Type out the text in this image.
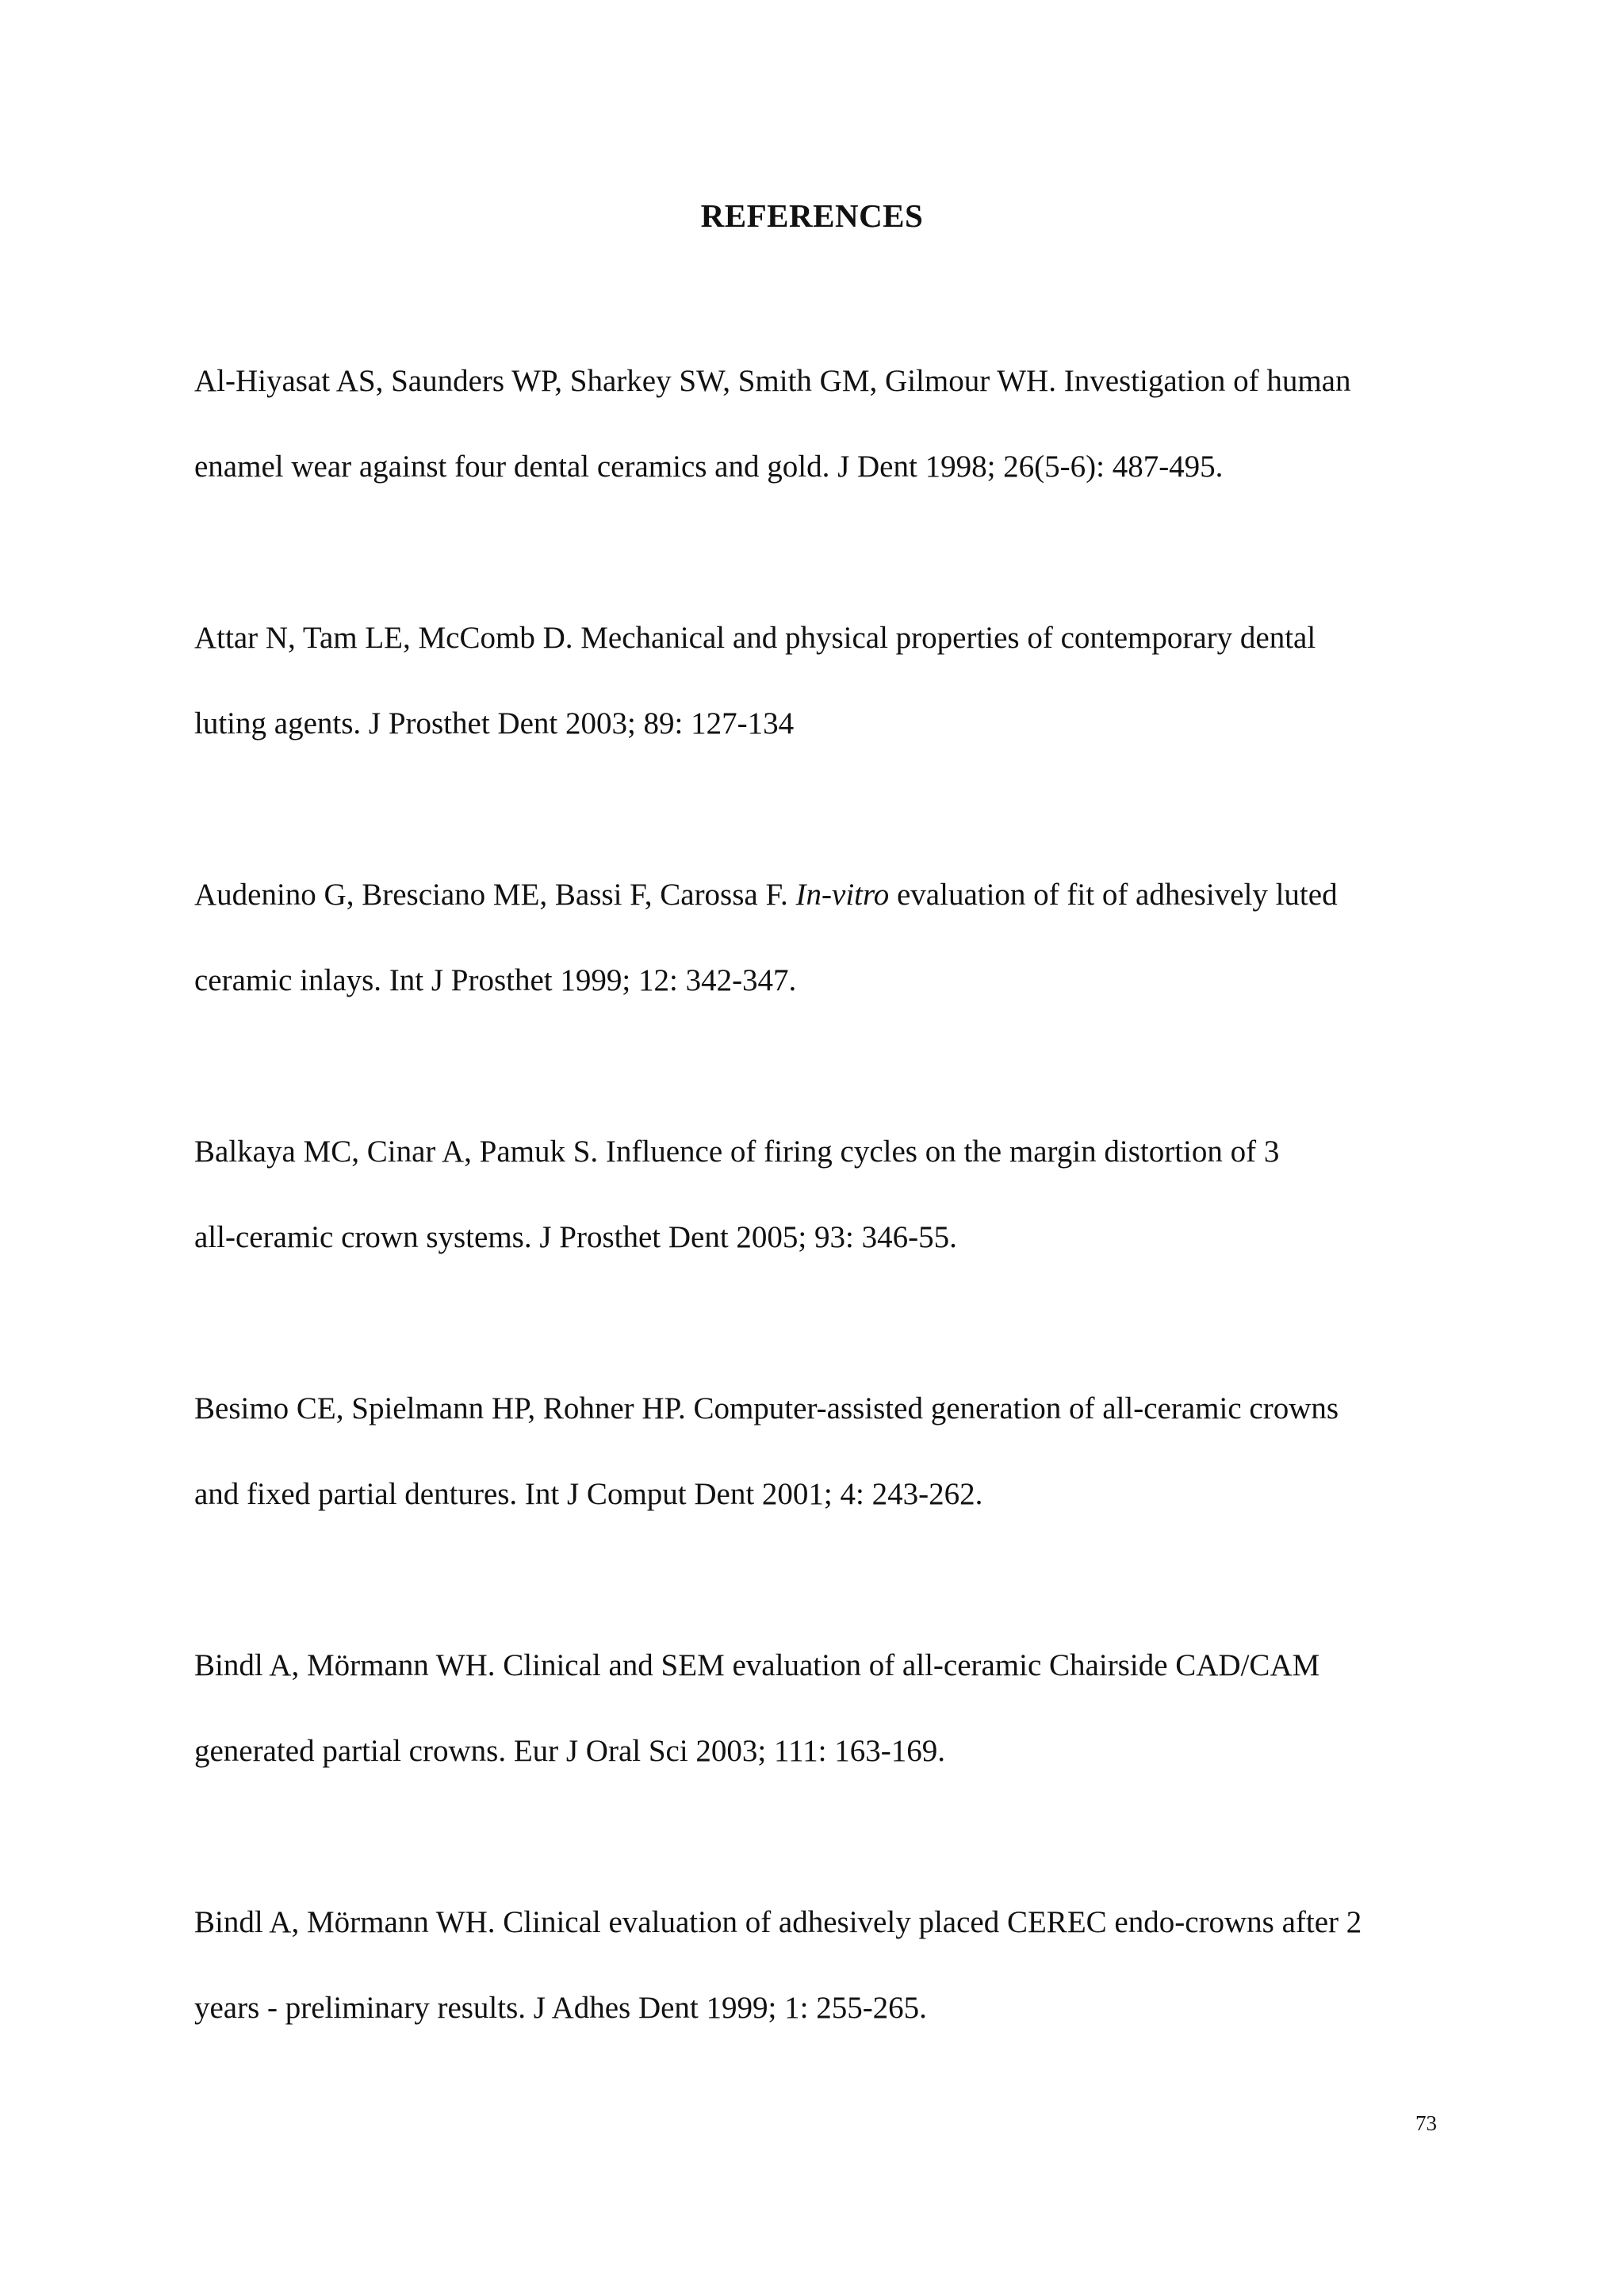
REFERENCES

Al-Hiyasat AS, Saunders WP, Sharkey SW, Smith GM, Gilmour WH. Investigation of human
enamel wear against four dental ceramics and gold. J Dent 1998; 26(5-6): 487-495.

Attar N, Tam LE, McComb D. Mechanical and physical properties of contemporary dental
luting agents. J Prosthet Dent 2003; 89: 127-134

Audenino G, Bresciano ME, Bassi F, Carossa F. In-vitro evaluation of fit of adhesively luted
ceramic inlays. Int J Prosthet 1999; 12: 342-347.

Balkaya MC, Cinar A, Pamuk S. Influence of firing cycles on the margin distortion of 3
all-ceramic crown systems. J Prosthet Dent 2005; 93: 346-55.

Besimo CE, Spielmann HP, Rohner HP. Computer-assisted generation of all-ceramic crowns
and fixed partial dentures. Int J Comput Dent 2001; 4: 243-262.

Bindl A, Mörmann WH. Clinical and SEM evaluation of all-ceramic Chairside CAD/CAM
generated partial crowns. Eur J Oral Sci 2003; 111: 163-169.

Bindl A, Mörmann WH. Clinical evaluation of adhesively placed CEREC endo-crowns after 2
years - preliminary results. J Adhes Dent 1999; 1: 255-265.

73
